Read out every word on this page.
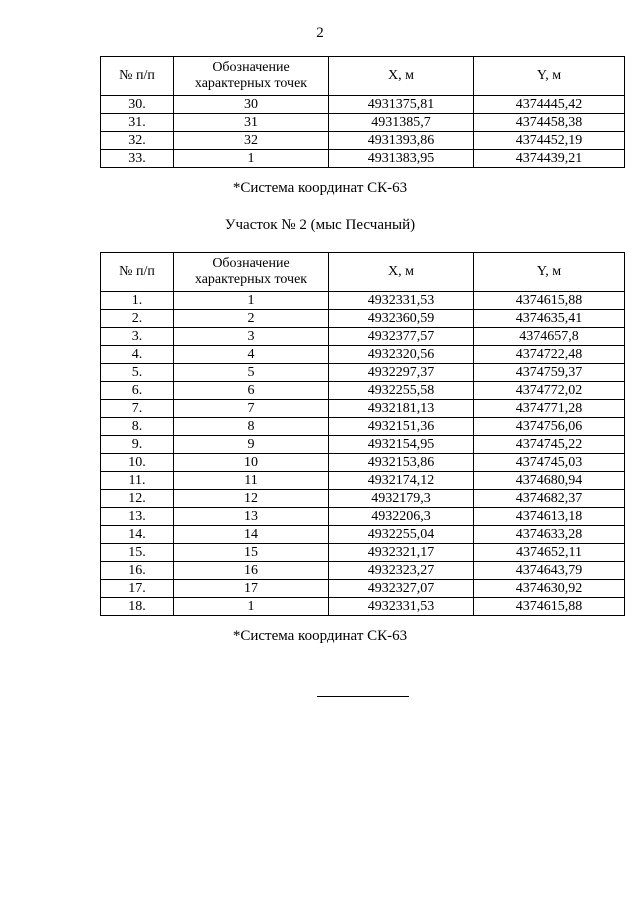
2
№ п/п	Обозначение характерных точек	X, м	Y, м
30.	30	4931375,81	4374445,42
31.	31	4931385,7	4374458,38
32.	32	4931393,86	4374452,19
33.	1	4931383,95	4374439,21
*Система координат СК-63
Участок № 2 (мыс Песчаный)
№ п/п	Обозначение характерных точек	X, м	Y, м
1.	1	4932331,53	4374615,88
2.	2	4932360,59	4374635,41
3.	3	4932377,57	4374657,8
4.	4	4932320,56	4374722,48
5.	5	4932297,37	4374759,37
6.	6	4932255,58	4374772,02
7.	7	4932181,13	4374771,28
8.	8	4932151,36	4374756,06
9.	9	4932154,95	4374745,22
10.	10	4932153,86	4374745,03
11.	11	4932174,12	4374680,94
12.	12	4932179,3	4374682,37
13.	13	4932206,3	4374613,18
14.	14	4932255,04	4374633,28
15.	15	4932321,17	4374652,11
16.	16	4932323,27	4374643,79
17.	17	4932327,07	4374630,92
18.	1	4932331,53	4374615,88
*Система координат СК-63
